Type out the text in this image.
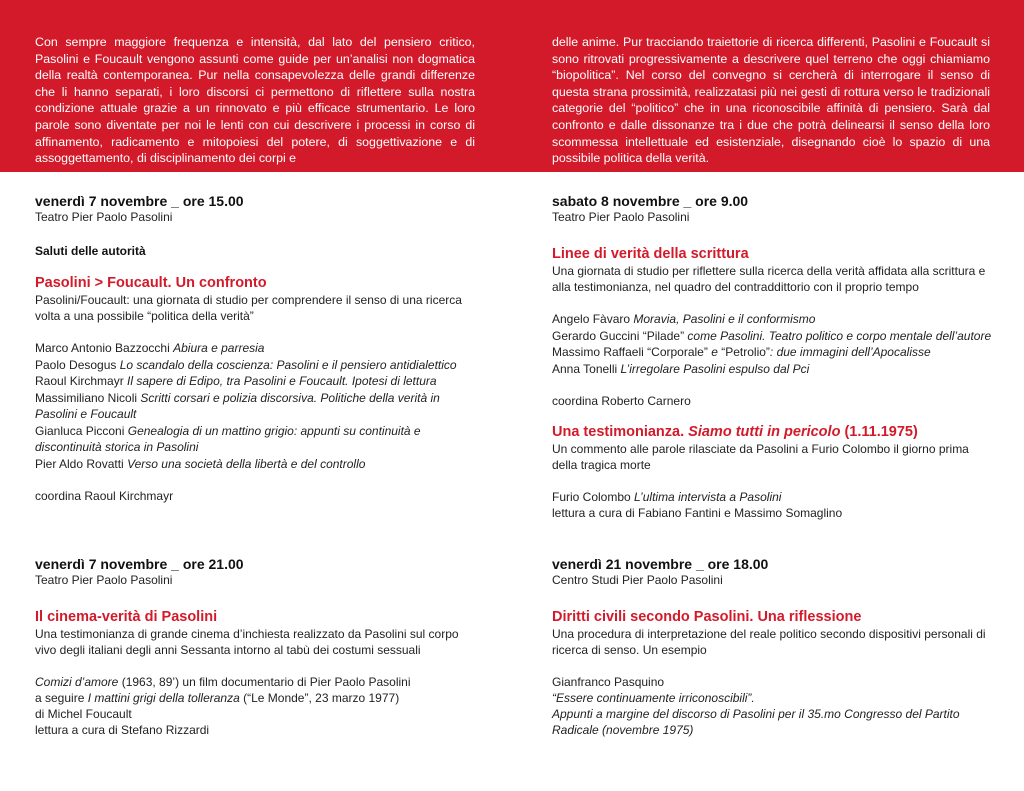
Con sempre maggiore frequenza e intensità, dal lato del pensiero critico, Pasolini e Foucault vengono assunti come guide per un’analisi non dogmatica della realtà contemporanea. Pur nella consapevolezza delle grandi differenze che li hanno separati, i loro discorsi ci permettono di riflettere sulla nostra condizione attuale grazie a un rinnovato e più efficace strumentario. Le loro parole sono diventate per noi le lenti con cui descrivere i processi in corso di affinamento, radicamento e mitopoiesi del potere, di soggettivazione e di assoggettamento, di disciplinamento dei corpi e

delle anime. Pur tracciando traiettorie di ricerca differenti, Pasolini e Foucault si sono ritrovati progressivamente a descrivere quel terreno che oggi chiamiamo “biopolitica”. Nel corso del convegno si cercherà di interrogare il senso di questa strana prossimità, realizzatasi più nei gesti di rottura verso le tradizionali categorie del “politico” che in una riconoscibile affinità di pensiero. Sarà dal confronto e dalle dissonanze tra i due che potrà delinearsi il senso della loro scommessa intellettuale ed esistenziale, disegnando cioè lo spazio di una possibile politica della verità.

venerdì 7 novembre _ ore 15.00
Teatro Pier Paolo Pasolini
Saluti delle autorità
Pasolini > Foucault. Un confronto
Pasolini/Foucault: una giornata di studio per comprendere il senso di una ricerca
volta a una possibile “politica della verità”
Marco Antonio Bazzocchi Abiura e parresia
Paolo Desogus Lo scandalo della coscienza: Pasolini e il pensiero antidialettico
Raoul Kirchmayr Il sapere di Edipo, tra Pasolini e Foucault. Ipotesi di lettura
Massimiliano Nicoli Scritti corsari e polizia discorsiva. Politiche della verità in
Pasolini e Foucault
Gianluca Picconi Genealogia di un mattino grigio: appunti su continuità e
discontinuità storica in Pasolini
Pier Aldo Rovatti Verso una società della libertà e del controllo
coordina Raoul Kirchmayr
venerdì 7 novembre _ ore 21.00
Teatro Pier Paolo Pasolini
Il cinema-verità di Pasolini
Una testimonianza di grande cinema d’inchiesta realizzato da Pasolini sul corpo
vivo degli italiani degli anni Sessanta intorno al tabù dei costumi sessuali
Comizi d’amore (1963, 89’) un film documentario di Pier Paolo Pasolini
a seguire I mattini grigi della tolleranza (“Le Monde”, 23 marzo 1977)
di Michel Foucault
lettura a cura di Stefano Rizzardi
sabato 8 novembre _ ore 9.00
Teatro Pier Paolo Pasolini
Linee di verità della scrittura
Una giornata di studio per riflettere sulla ricerca della verità affidata alla scrittura e
alla testimonianza, nel quadro del contraddittorio con il proprio tempo
Angelo Fàvaro Moravia, Pasolini e il conformismo
Gerardo Guccini “Pilade” come Pasolini. Teatro politico e corpo mentale dell’autore
Massimo Raffaeli “Corporale” e “Petrolio”: due immagini dell’Apocalisse
Anna Tonelli L’irregolare Pasolini espulso dal Pci
coordina Roberto Carnero
Una testimonianza. Siamo tutti in pericolo (1.11.1975)
Un commento alle parole rilasciate da Pasolini a Furio Colombo il giorno prima
della tragica morte
Furio Colombo L’ultima intervista a Pasolini
lettura a cura di Fabiano Fantini e Massimo Somaglino
venerdì 21 novembre _ ore 18.00
Centro Studi Pier Paolo Pasolini
Diritti civili secondo Pasolini. Una riflessione
Una procedura di interpretazione del reale politico secondo dispositivi personali di
ricerca di senso. Un esempio
Gianfranco Pasquino
“Essere continuamente irriconoscibili”.
Appunti a margine del discorso di Pasolini per il 35.mo Congresso del Partito
Radicale (novembre 1975)
